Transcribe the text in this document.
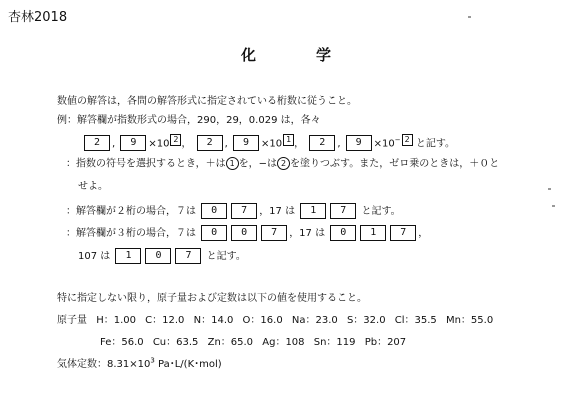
杏林2018
化	学
数値の解答は，各問の解答形式に指定されている桁数に従うこと。
例：解答欄が指数形式の場合，290，29，0.029 は，各々
2 , 9 ×10 2 ， 2 , 9 ×10 1 ， 2 , 9 ×10− 2 と記す。
：指数の符号を選択するとき，＋は 1 を，−は 2 を塗りつぶす。また，ゼロ乗のときは，＋０と
せよ。
：解答欄が２桁の場合，７は 0 7 ，17 は 1 7 と記す。
：解答欄が３桁の場合，７は 0 0 7 ，17 は 0 1 7 ，
107 は 1 0 7 と記す。
特に指定しない限り，原子量および定数は以下の値を使用すること。
原子量 H：1.00 C：12.0 N：14.0 O：16.0 Na：23.0 S：32.0 Cl：35.5 Mn：55.0
Fe：56.0 Cu：63.5 Zn：65.0 Ag：108 Sn：119 Pb：207
気体定数：$8.31\times 10^3$ Pa･L/(K･mol)
